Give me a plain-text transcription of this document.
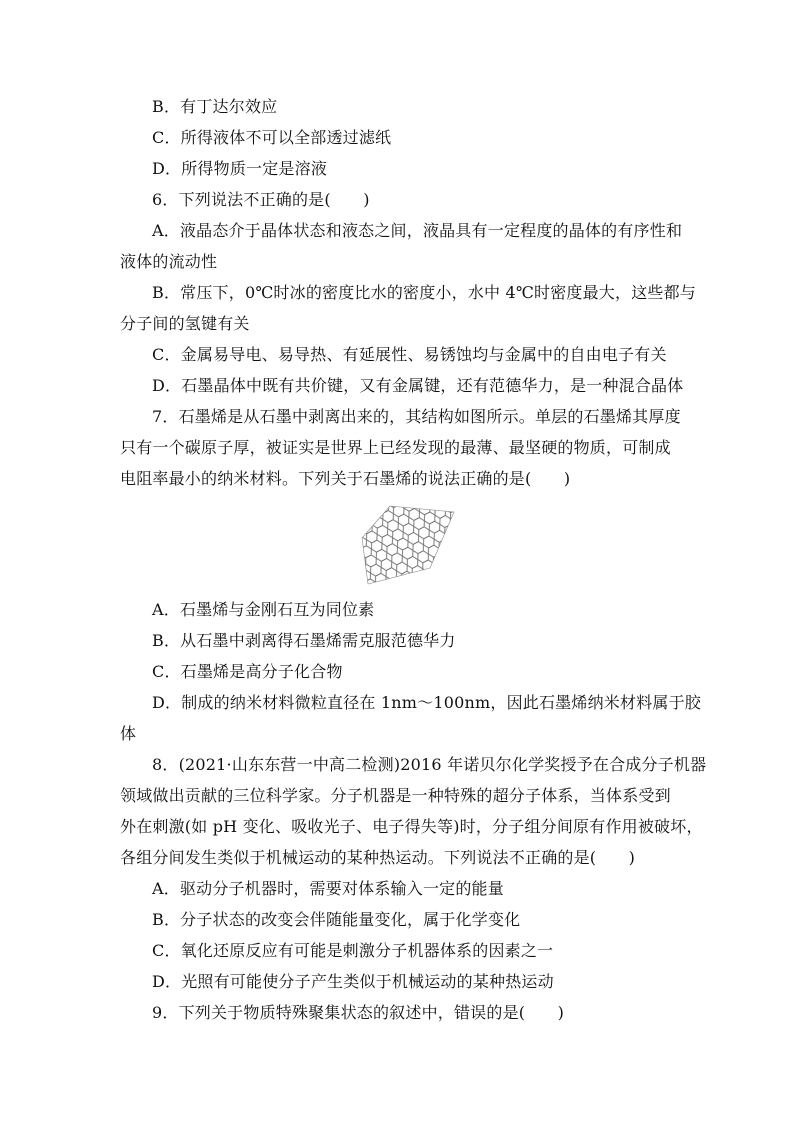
B．有丁达尔效应
C．所得液体不可以全部透过滤纸
D．所得物质一定是溶液
6．下列说法不正确的是(　　)
A．液晶态介于晶体状态和液态之间，液晶具有一定程度的晶体的有序性和
液体的流动性
B．常压下，0℃时冰的密度比水的密度小，水中 4℃时密度最大，这些都与
分子间的氢键有关
C．金属易导电、易导热、有延展性、易锈蚀均与金属中的自由电子有关
D．石墨晶体中既有共价键，又有金属键，还有范德华力，是一种混合晶体
7．石墨烯是从石墨中剥离出来的，其结构如图所示。单层的石墨烯其厚度
只有一个碳原子厚，被证实是世界上已经发现的最薄、最坚硬的物质，可制成
电阻率最小的纳米材料。下列关于石墨烯的说法正确的是(　　)
A．石墨烯与金刚石互为同位素
B．从石墨中剥离得石墨烯需克服范德华力
C．石墨烯是高分子化合物
D．制成的纳米材料微粒直径在 1nm～100nm，因此石墨烯纳米材料属于胶
体
8．(2021·山东东营一中高二检测)2016 年诺贝尔化学奖授予在合成分子机器
领域做出贡献的三位科学家。分子机器是一种特殊的超分子体系，当体系受到
外在刺激(如 pH 变化、吸收光子、电子得失等)时，分子组分间原有作用被破坏，
各组分间发生类似于机械运动的某种热运动。下列说法不正确的是(　　)
A．驱动分子机器时，需要对体系输入一定的能量
B．分子状态的改变会伴随能量变化，属于化学变化
C．氧化还原反应有可能是刺激分子机器体系的因素之一
D．光照有可能使分子产生类似于机械运动的某种热运动
9．下列关于物质特殊聚集状态的叙述中，错误的是(　　)
